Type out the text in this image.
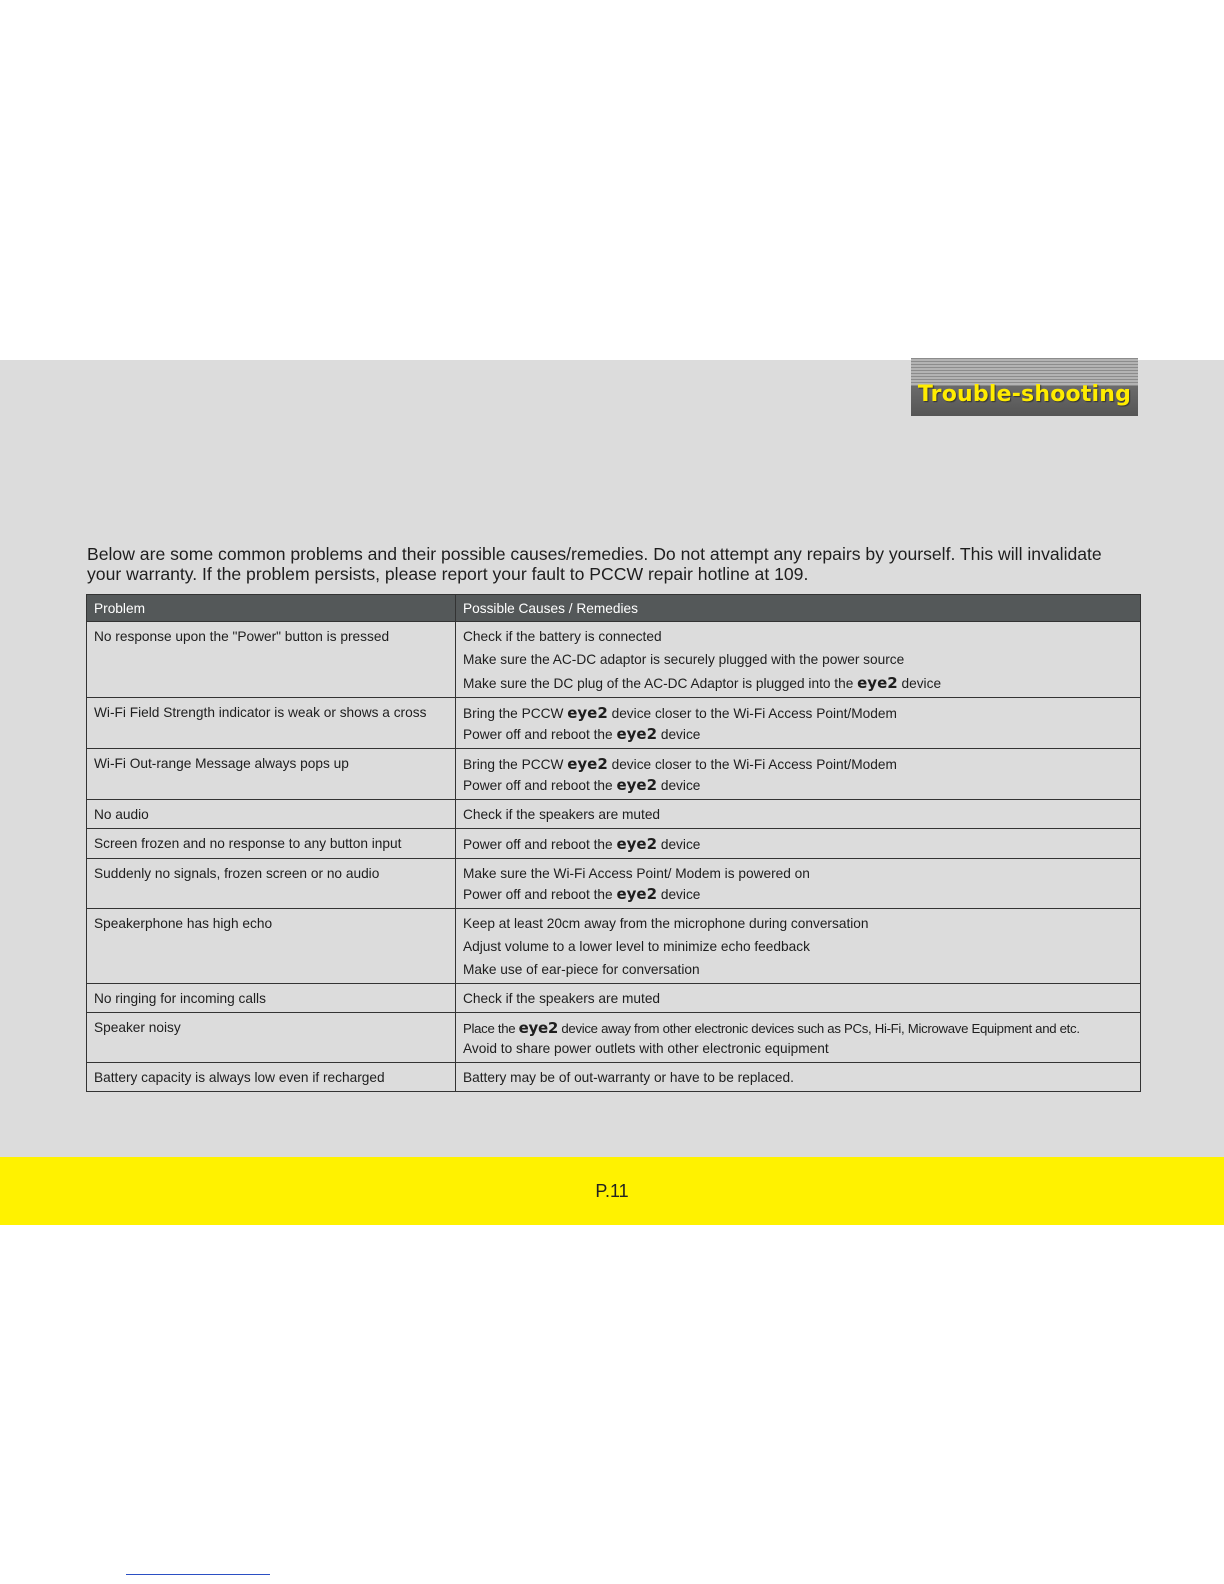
Trouble-shooting
Below are some common problems and their possible causes/remedies. Do not attempt any repairs by yourself. This will invalidate your warranty. If the problem persists, please report your fault to PCCW repair hotline at 109.
Problem	Possible Causes / Remedies
No response upon the "Power" button is pressed	Check if the battery is connected
Make sure the AC-DC adaptor is securely plugged with the power source
Make sure the DC plug of the AC-DC Adaptor is plugged into the eye2 device

Wi-Fi Field Strength indicator is weak or shows a cross	Bring the PCCW eye2 device closer to the Wi-Fi Access Point/Modem
Power off and reboot the eye2 device

Wi-Fi Out-range Message always pops up	Bring the PCCW eye2 device closer to the Wi-Fi Access Point/Modem
Power off and reboot the eye2 device

No audio	Check if the speakers are muted

Screen frozen and no response to any button input	Power off and reboot the eye2 device

Suddenly no signals, frozen screen or no audio	Make sure the Wi-Fi Access Point/ Modem is powered on
Power off and reboot the eye2 device

Speakerphone has high echo	Keep at least 20cm away from the microphone during conversation
Adjust volume to a lower level to minimize echo feedback
Make use of ear-piece for conversation

No ringing for incoming calls	Check if the speakers are muted

Speaker noisy	Place the eye2 device away from other electronic devices such as PCs, Hi-Fi, Microwave Equipment and etc.
Avoid to share power outlets with other electronic equipment

Battery capacity is always low even if recharged	Battery may be of out-warranty or have to be replaced.
P.11
